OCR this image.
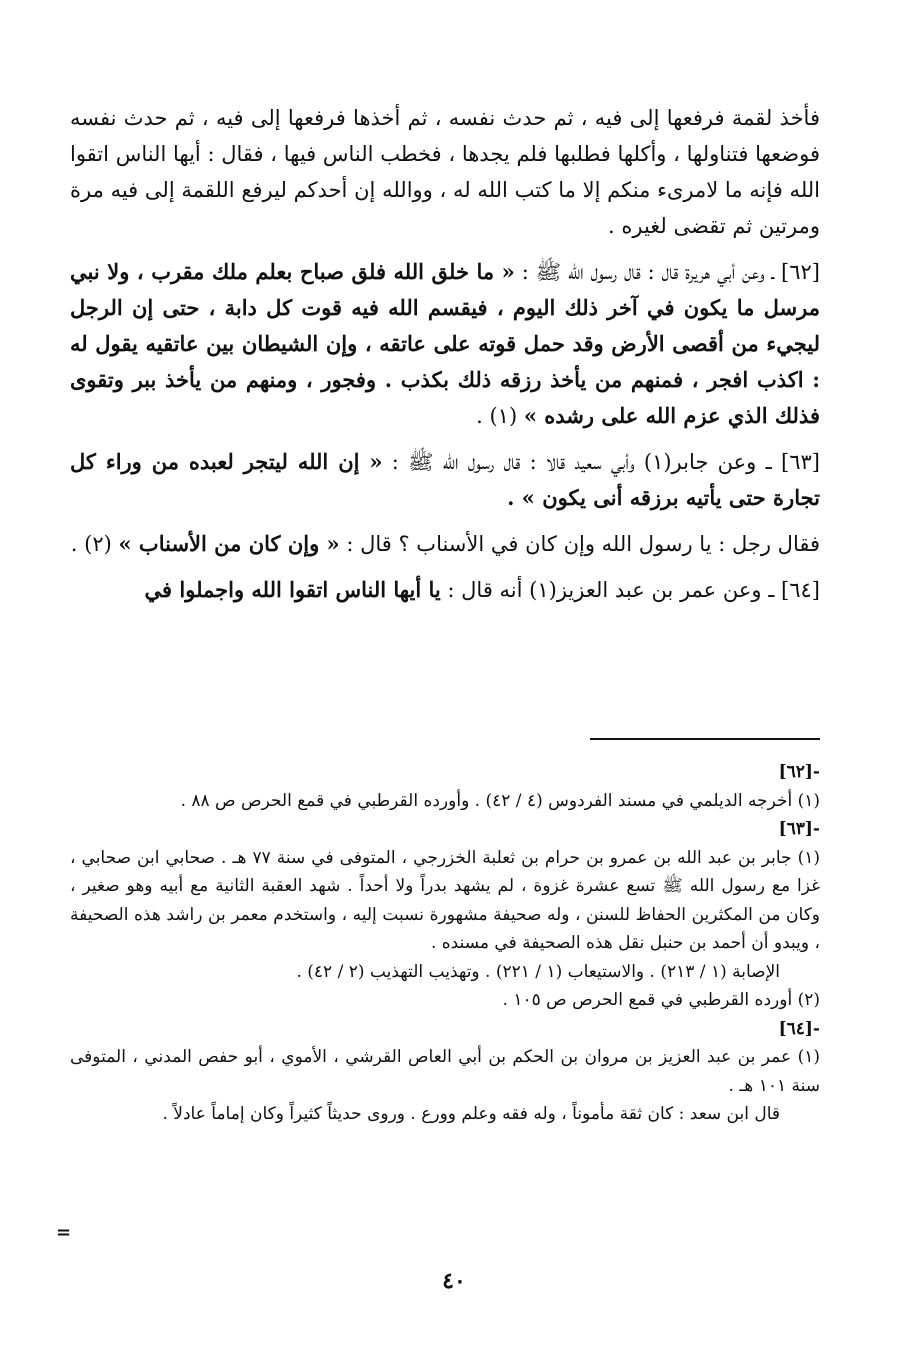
فأخذ لقمة فرفعها إلى فيه ، ثم حدث نفسه ، ثم أخذها فرفعها إلى فيه ، ثم حدث نفسه فوضعها فتناولها ، وأكلها فطلبها فلم يجدها ، فخطب الناس فيها ، فقال : أيها الناس اتقوا الله فإنه ما لامرىء منكم إلا ما كتب الله له ، ووالله إن أحدكم ليرفع اللقمة إلى فيه مرة ومرتين ثم تقضى لغيره .

[٦٢] ـ وعن أبي هريرة قال : قال رسول الله ﷺ : « ما خلق الله فلق صباح بعلم ملك مقرب ، ولا نبي مرسل ما يكون في آخر ذلك اليوم ، فيقسم الله فيه قوت كل دابة ، حتى إن الرجل ليجيء من أقصى الأرض وقد حمل قوته على عاتقه ، وإن الشيطان بين عاتقيه يقول له : اكذب افجر ، فمنهم من يأخذ رزقه ذلك بكذب . وفجور ، ومنهم من يأخذ ببر وتقوى فذلك الذي عزم الله على رشده » (١) .

[٦٣] ـ وعن جابر(١) وأبي سعيد قالا : قال رسول الله ﷺ : « إن الله ليتجر لعبده من وراء كل تجارة حتى يأتيه برزقه أنى يكون » .

فقال رجل : يا رسول الله وإن كان في الأسناب ؟ قال : « وإن كان من الأسناب » (٢) .

[٦٤] ـ وعن عمر بن عبد العزيز(١) أنه قال : يا أيها الناس اتقوا الله واجملوا في

-[٦٢]

(١) أخرجه الديلمي في مسند الفردوس (٤ / ٤٢) . وأورده القرطبي في قمع الحرص ص ٨٨ .

-[٦٣]

(١) جابر بن عبد الله بن عمرو بن حرام بن ثعلبة الخزرجي ، المتوفى في سنة ٧٧ هـ . صحابي ابن صحابي ، غزا مع رسول الله ﷺ تسع عشرة غزوة ، لم يشهد بدراً ولا أحداً . شهد العقبة الثانية مع أبيه وهو صغير ، وكان من المكثرين الحفاظ للسنن ، وله صحيفة مشهورة نسبت إليه ، واستخدم معمر بن راشد هذه الصحيفة ، ويبدو أن أحمد بن حنبل نقل هذه الصحيفة في مسنده .

الإصابة (١ / ٢١٣) . والاستيعاب (١ / ٢٢١) . وتهذيب التهذيب (٢ / ٤٢) .

(٢) أورده القرطبي في قمع الحرص ص ١٠٥ .

-[٦٤]

(١) عمر بن عبد العزيز بن مروان بن الحكم بن أبي العاص القرشي ، الأموي ، أبو حفص المدني ، المتوفى سنة ١٠١ هـ .

قال ابن سعد : كان ثقة مأموناً ، وله فقه وعلم وورع . وروى حديثاً كثيراً وكان إماماً عادلاً .

=
٤٠
